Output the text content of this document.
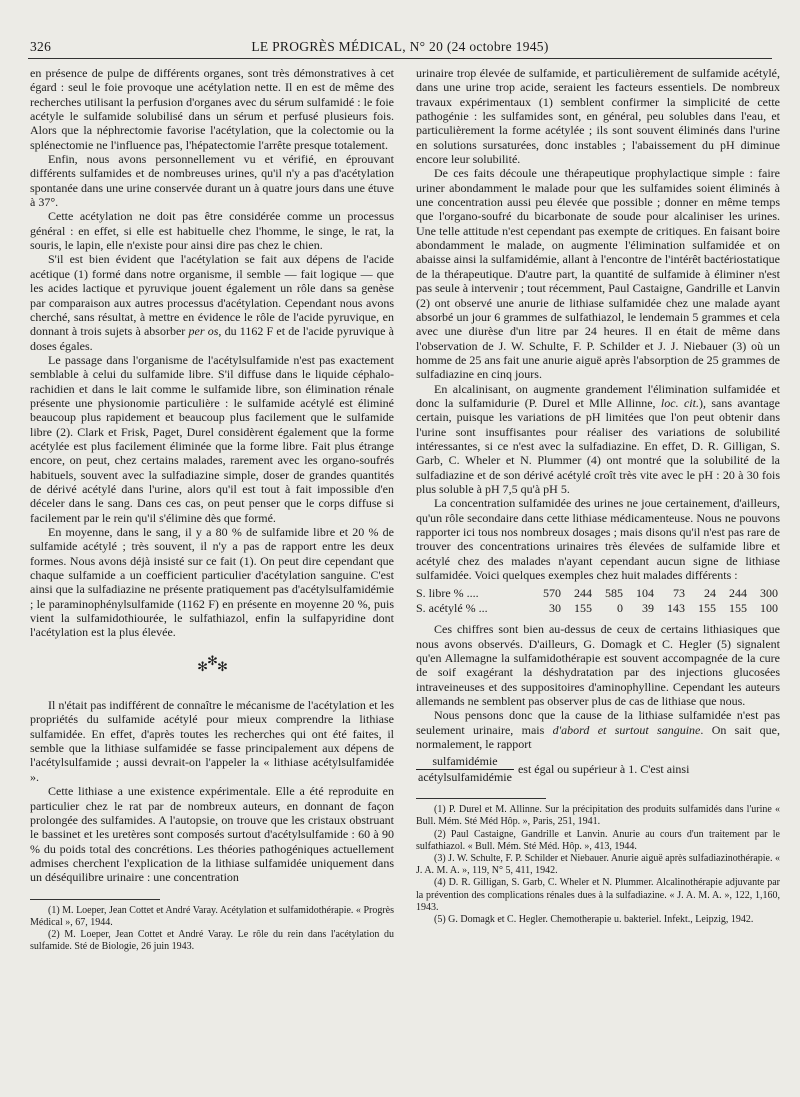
326	LE PROGRÈS MÉDICAL, N° 20 (24 octobre 1945)

en présence de pulpe de différents organes, sont très démonstratives à cet égard : seul le foie provoque une acétylation nette. Il en est de même des recherches utilisant la perfusion d'organes avec du sérum sulfamidé : le foie acétyle le sulfamide solubilisé dans un sérum et perfusé plusieurs fois. Alors que la néphrectomie favorise l'acétylation, que la colectomie ou la splénectomie ne l'influence pas, l'hépatectomie l'arrête presque totalement.

Enfin, nous avons personnellement vu et vérifié, en éprouvant différents sulfamides et de nombreuses urines, qu'il n'y a pas d'acétylation spontanée dans une urine conservée durant un à quatre jours dans une étuve à 37°.

Cette acétylation ne doit pas être considérée comme un processus général : en effet, si elle est habituelle chez l'homme, le singe, le rat, la souris, le lapin, elle n'existe pour ainsi dire pas chez le chien.

S'il est bien évident que l'acétylation se fait aux dépens de l'acide acétique (1) formé dans notre organisme, il semble — fait logique — que les acides lactique et pyruvique jouent également un rôle dans sa genèse par comparaison aux autres processus d'acétylation. Cependant nous avons cherché, sans résultat, à mettre en évidence le rôle de l'acide pyruvique, en donnant à trois sujets à absorber per os, du 1162 F et de l'acide pyruvique à doses égales.

Le passage dans l'organisme de l'acétylsulfamide n'est pas exactement semblable à celui du sulfamide libre. S'il diffuse dans le liquide céphalo-rachidien et dans le lait comme le sulfamide libre, son élimination rénale présente une physionomie particulière : le sulfamide acétylé est éliminé beaucoup plus rapidement et beaucoup plus facilement que le sulfamide libre (2). Clark et Frisk, Paget, Durel considèrent également que la forme acétylée est plus facilement éliminée que la forme libre. Fait plus étrange encore, on peut, chez certains malades, rarement avec les organo-soufrés habituels, souvent avec la sulfadiazine simple, doser de grandes quantités de dérivé acétylé dans l'urine, alors qu'il est tout à fait impossible d'en déceler dans le sang. Dans ces cas, on peut penser que le corps diffuse si facilement par le rein qu'il s'élimine dès que formé.

En moyenne, dans le sang, il y a 80 % de sulfamide libre et 20 % de sulfamide acétylé ; très souvent, il n'y a pas de rapport entre les deux formes. Nous avons déjà insisté sur ce fait (1). On peut dire cependant que chaque sulfamide a un coefficient particulier d'acétylation sanguine. C'est ainsi que la sulfadiazine ne présente pratiquement pas d'acétylsulfamidémie ; le paraminophénylsulfamide (1162 F) en présente en moyenne 20 %, puis vient la sulfamidothiourée, le sulfathiazol, enfin la sulfapyridine dont l'acétylation est la plus élevée.

✻✻✻

Il n'était pas indifférent de connaître le mécanisme de l'acétylation et les propriétés du sulfamide acétylé pour mieux comprendre la lithiase sulfamidée. En effet, d'après toutes les recherches qui ont été faites, il semble que la lithiase sulfamidée se fasse principalement aux dépens de l'acétylsulfamide ; aussi devrait-on l'appeler la « lithiase acétylsulfamidée ».

Cette lithiase a une existence expérimentale. Elle a été reproduite en particulier chez le rat par de nombreux auteurs, en donnant de façon prolongée des sulfamides. A l'autopsie, on trouve que les cristaux obstruant le bassinet et les uretères sont composés surtout d'acétylsulfamide : 60 à 90 % du poids total des concrétions. Les théories pathogéniques actuellement admises cherchent l'explication de la lithiase sulfamidée uniquement dans un déséquilibre urinaire : une concentration

(1) M. Loeper, Jean Cottet et André Varay. Acétylation et sulfamidothérapie. « Progrès Médical », 67, 1944.

(2) M. Loeper, Jean Cottet et André Varay. Le rôle du rein dans l'acétylation du sulfamide. Sté de Biologie, 26 juin 1943.

urinaire trop élevée de sulfamide, et particulièrement de sulfamide acétylé, dans une urine trop acide, seraient les facteurs essentiels. De nombreux travaux expérimentaux (1) semblent confirmer la simplicité de cette pathogénie : les sulfamides sont, en général, peu solubles dans l'eau, et particulièrement la forme acétylée ; ils sont souvent éliminés dans l'urine en solutions sursaturées, donc instables ; l'abaissement du pH diminue encore leur solubilité.

De ces faits découle une thérapeutique prophylactique simple : faire uriner abondamment le malade pour que les sulfamides soient éliminés à une concentration aussi peu élevée que possible ; donner en même temps que l'organo-soufré du bicarbonate de soude pour alcaliniser les urines. Une telle attitude n'est cependant pas exempte de critiques. En faisant boire abondamment le malade, on augmente l'élimination sulfamidée et on abaisse ainsi la sulfamidémie, allant à l'encontre de l'intérêt bactériostatique de la thérapeutique. D'autre part, la quantité de sulfamide à éliminer n'est pas seule à intervenir ; tout récemment, Paul Castaigne, Gandrille et Lanvin (2) ont observé une anurie de lithiase sulfamidée chez une malade ayant absorbé un jour 6 grammes de sulfathiazol, le lendemain 5 grammes et cela avec une diurèse d'un litre par 24 heures. Il en était de même dans l'observation de J. W. Schulte, F. P. Schilder et J. J. Niebauer (3) où un homme de 25 ans fait une anurie aiguë après l'absorption de 25 grammes de sulfadiazine en cinq jours.

En alcalinisant, on augmente grandement l'élimination sulfamidée et donc la sulfamidurie (P. Durel et Mlle Allinne, loc. cit.), sans avantage certain, puisque les variations de pH limitées que l'on peut obtenir dans l'urine sont insuffisantes pour réaliser des variations de solubilité intéressantes, si ce n'est avec la sulfadiazine. En effet, D. R. Gilligan, S. Garb, C. Wheler et N. Plummer (4) ont montré que la solubilité de la sulfadiazine et de son dérivé acétylé croît très vite avec le pH : 20 à 30 fois plus soluble à pH 7,5 qu'à pH 5.

La concentration sulfamidée des urines ne joue certainement, d'ailleurs, qu'un rôle secondaire dans cette lithiase médicamenteuse. Nous ne pouvons rapporter ici tous nos nombreux dosages ; mais disons qu'il n'est pas rare de trouver des concentrations urinaires très élevées de sulfamide libre et acétylé chez des malades n'ayant cependant aucun signe de lithiase sulfamidée. Voici quelques exemples chez huit malades différents :

S. libre % ....	570	244	585	104	73	24	244	300
S. acétylé % ...	30	155	0	39	143	155	155	100

Ces chiffres sont bien au-dessus de ceux de certains lithiasiques que nous avons observés. D'ailleurs, G. Domagk et C. Hegler (5) signalent qu'en Allemagne la sulfamidothérapie est souvent accompagnée de la cure de soif exagérant la déshydratation par des injections glucosées intraveineuses et des suppositoires d'aminophylline. Cependant les auteurs allemands ne semblent pas observer plus de cas de lithiase que nous.

Nous pensons donc que la cause de la lithiase sulfamidée n'est pas seulement urinaire, mais d'abord et surtout sanguine. On sait que, normalement, le rapport

$\frac{\text{sulfamidémie}}{\text{acétylsulfamidémie}}$ est égal ou supérieur à 1. C'est ainsi

(1) P. Durel et M. Allinne. Sur la précipitation des produits sulfamidés dans l'urine « Bull. Mém. Sté Méd Hôp. », Paris, 251, 1941.

(2) Paul Castaigne, Gandrille et Lanvin. Anurie au cours d'un traitement par le sulfathiazol. « Bull. Mém. Sté Méd. Hôp. », 413, 1944.

(3) J. W. Schulte, F. P. Schilder et Niebauer. Anurie aiguë après sulfadiazinothérapie. « J. A. M. A. », 119, N° 5, 411, 1942.

(4) D. R. Gilligan, S. Garb, C. Wheler et N. Plummer. Alcalinothérapie adjuvante par la prévention des complications rénales dues à la sulfadiazine. « J. A. M. A. », 122, 1,160, 1943.

(5) G. Domagk et C. Hegler. Chemotherapie u. bakteriel. Infekt., Leipzig, 1942.
